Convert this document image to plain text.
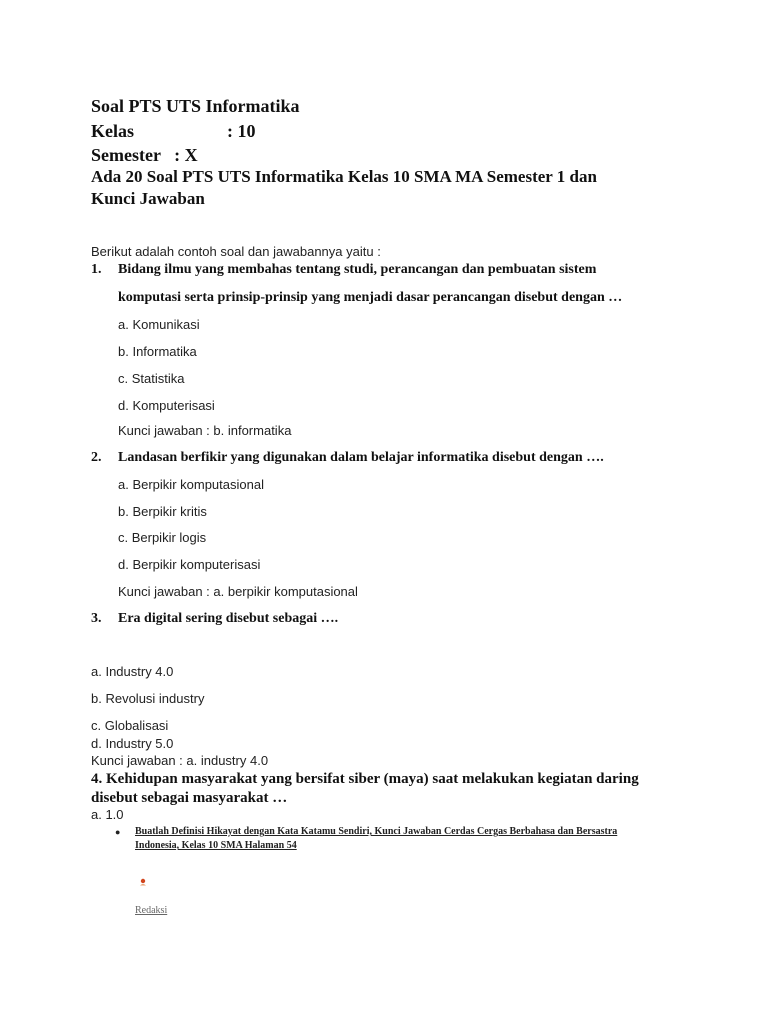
Soal PTS UTS Informatika
Kelas	: 10
Semester   : X
Ada 20 Soal PTS UTS Informatika Kelas 10 SMA MA Semester 1 dan
Kunci Jawaban
Berikut adalah contoh soal dan jawabannya yaitu :
1. Bidang ilmu yang membahas tentang studi, perancangan dan pembuatan sistem
komputasi serta prinsip-prinsip yang menjadi dasar perancangan disebut dengan …
a. Komunikasi
b. Informatika
c. Statistika
d. Komputerisasi
Kunci jawaban : b. informatika
2. Landasan berfikir yang digunakan dalam belajar informatika disebut dengan ….
a. Berpikir komputasional
b. Berpikir kritis
c. Berpikir logis
d. Berpikir komputerisasi
Kunci jawaban : a. berpikir komputasional
3. Era digital sering disebut sebagai ….
a. Industry 4.0
b. Revolusi industry
c. Globalisasi
d. Industry 5.0
Kunci jawaban : a. industry 4.0
4. Kehidupan masyarakat yang bersifat siber (maya) saat melakukan kegiatan daring
disebut sebagai masyarakat …
a. 1.0
● Buatlah Definisi Hikayat dengan Kata Katamu Sendiri, Kunci Jawaban Cerdas Cergas Berbahasa dan Bersastra
Indonesia, Kelas 10 SMA Halaman 54
Redaksi
